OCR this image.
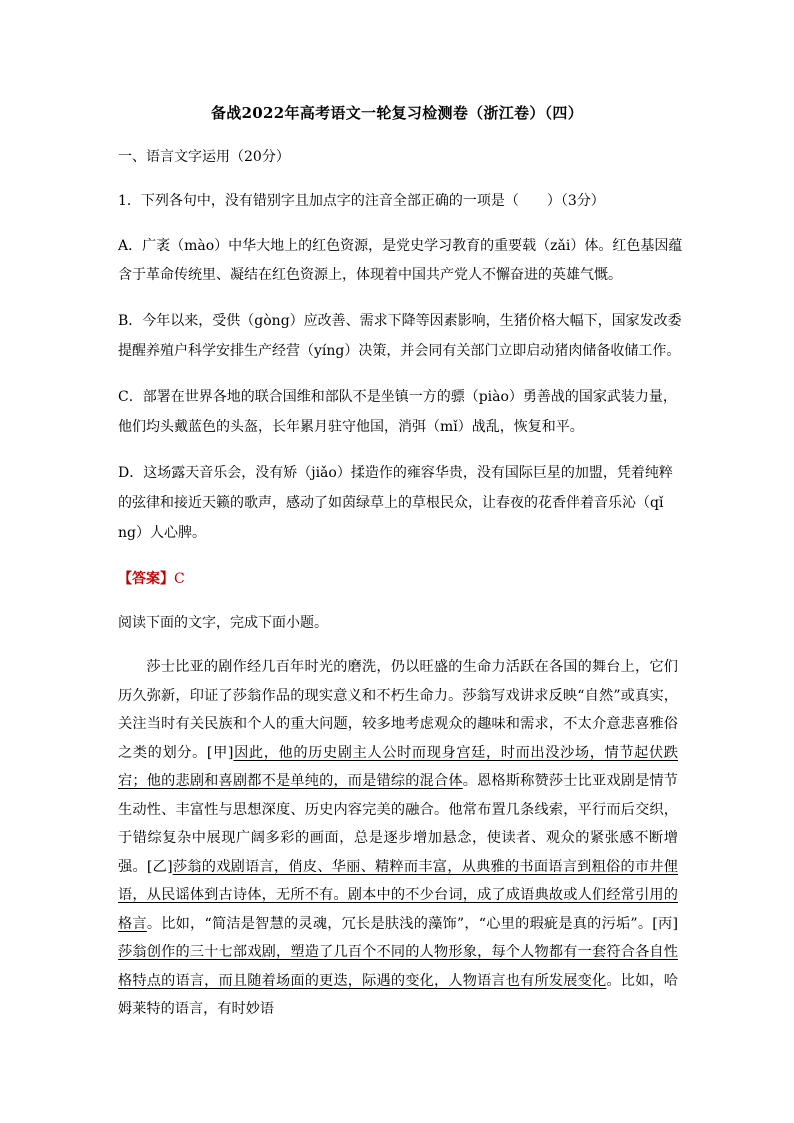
备战2022年高考语文一轮复习检测卷（浙江卷）（四）
一、语言文字运用（20分）
1．下列各句中，没有错别字且加点字的注音全部正确的一项是（　　）（3分）
A．广袤（mào）中华大地上的红色资源，是党史学习教育的重要载（zǎi）体。红色基因蕴
含于革命传统里、凝结在红色资源上，体现着中国共产党人不懈奋进的英雄气慨。
B．今年以来，受供（gòng）应改善、需求下降等因素影响，生猪价格大幅下，国家发改委
提醒养殖户科学安排生产经营（yíng）决策，并会同有关部门立即启动猪肉储备收储工作。
C．部署在世界各地的联合国维和部队不是坐镇一方的骠（piào）勇善战的国家武装力量，
他们均头戴蓝色的头盔，长年累月驻守他国，消弭（mǐ）战乱，恢复和平。
D．这场露天音乐会，没有矫（jiǎo）揉造作的雍容华贵，没有国际巨星的加盟，凭着纯粹
的弦律和接近天籁的歌声，感动了如茵绿草上的草根民众，让春夜的花香伴着音乐沁（qǐ
ng）人心脾。
【答案】C
阅读下面的文字，完成下面小题。
莎士比亚的剧作经几百年时光的磨洗，仍以旺盛的生命力活跃在各国的舞台上，它们历久弥新，印证了莎翁作品的现实意义和不朽生命力。莎翁写戏讲求反映“自然”或真实，关注当时有关民族和个人的重大问题，较多地考虑观众的趣味和需求，不太介意悲喜雅俗之类的划分。[甲]因此，他的历史剧主人公时而现身宫廷，时而出没沙场，情节起伏跌宕；他的悲剧和喜剧都不是单纯的，而是错综的混合体。恩格斯称赞莎士比亚戏剧是情节生动性、丰富性与思想深度、历史内容完美的融合。他常布置几条线索，平行而后交织，于错综复杂中展现广阔多彩的画面，总是逐步增加悬念，使读者、观众的紧张感不断增强。[乙]莎翁的戏剧语言，俏皮、华丽、精粹而丰富，从典雅的书面语言到粗俗的市井俚语，从民谣体到古诗体，无所不有。剧本中的不少台词，成了成语典故或人们经常引用的格言。比如，“简洁是智慧的灵魂，冗长是肤浅的藻饰”，“心里的瑕疵是真的污垢”。[丙]莎翁创作的三十七部戏剧，塑造了几百个不同的人物形象，每个人物都有一套符合各自性格特点的语言，而且随着场面的更迭，际遇的变化，人物语言也有所发展变化。比如，哈姆莱特的语言，有时妙语
